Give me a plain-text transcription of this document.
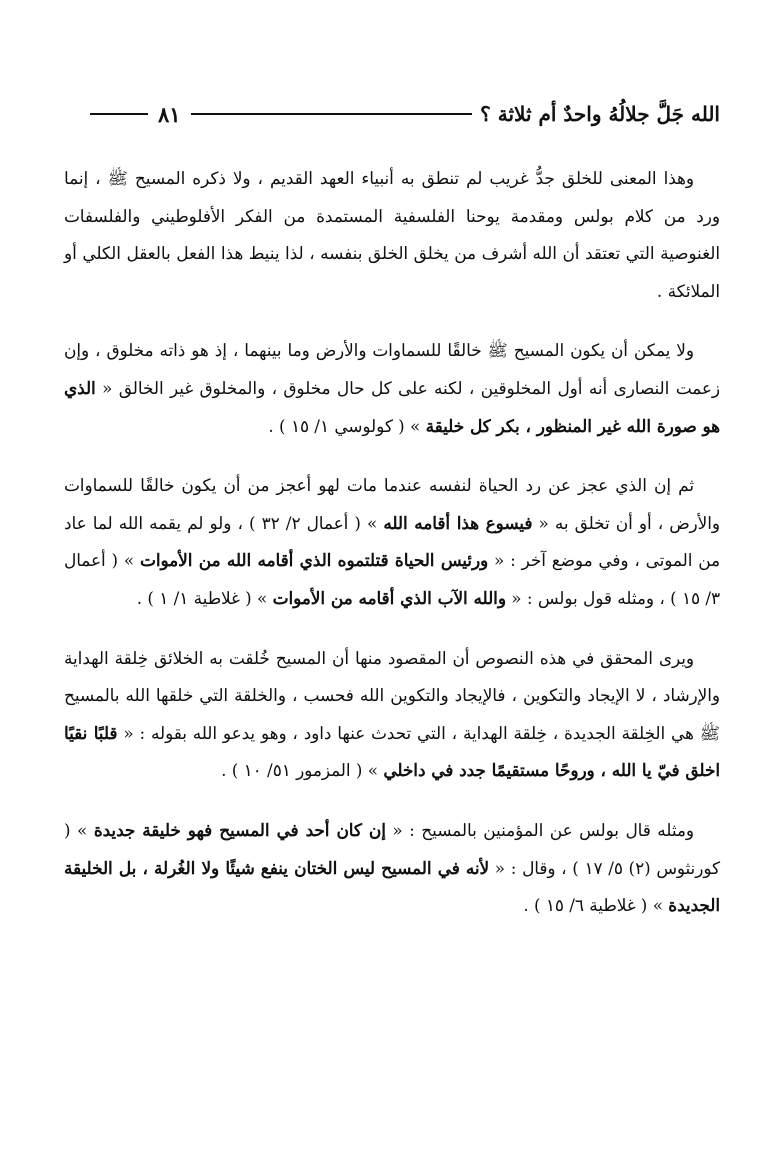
الله جَلَّ جلالُهُ واحدٌ أم ثلاثة ؟
٨١

وهذا المعنى للخلق جدُّ غريب لم تنطق به أنبياء العهد القديم ، ولا ذكره المسيح ﷺ ، إنما ورد من كلام بولس ومقدمة يوحنا الفلسفية المستمدة من الفكر الأفلوطيني والفلسفات الغنوصية التي تعتقد أن الله أشرف من يخلق الخلق بنفسه ، لذا ينيط هذا الفعل بالعقل الكلي أو الملائكة .

ولا يمكن أن يكون المسيح ﷺ خالقًا للسماوات والأرض وما بينهما ، إذ هو ذاته مخلوق ، وإن زعمت النصارى أنه أول المخلوقين ، لكنه على كل حال مخلوق ، والمخلوق غير الخالق « الذي هو صورة الله غير المنظور ، بكر كل خليقة » ( كولوسي ١/ ١٥ ) .

ثم إن الذي عجز عن رد الحياة لنفسه عندما مات لهو أعجز من أن يكون خالقًا للسماوات والأرض ، أو أن تخلق به « فيسوع هذا أقامه الله » ( أعمال ٢/ ٣٢ ) ، ولو لم يقمه الله لما عاد من الموتى ، وفي موضع آخر : « ورئيس الحياة قتلتموه الذي أقامه الله من الأموات » ( أعمال ٣/ ١٥ ) ، ومثله قول بولس : « والله الآب الذي أقامه من الأموات » ( غلاطية ١/ ١ ) .

ويرى المحقق في هذه النصوص أن المقصود منها أن المسيح خُلقت به الخلائق خِلقة الهداية والإرشاد ، لا الإيجاد والتكوين ، فالإيجاد والتكوين الله فحسب ، والخلقة التي خلقها الله بالمسيح ﷺ هي الخِلقة الجديدة ، خِلقة الهداية ، التي تحدث عنها داود ، وهو يدعو الله بقوله : « قلبًا نقيًا اخلق فيّ يا الله ، وروحًا مستقيمًا جدد في داخلي » ( المزمور ٥١/ ١٠ ) .

ومثله قال بولس عن المؤمنين بالمسيح : « إن كان أحد في المسيح فهو خليقة جديدة » ( كورنثوس (٢) ٥/ ١٧ ) ، وقال : « لأنه في المسيح ليس الختان ينفع شيئًا ولا الغُرلة ، بل الخليقة الجديدة » ( غلاطية ٦/ ١٥ ) .
